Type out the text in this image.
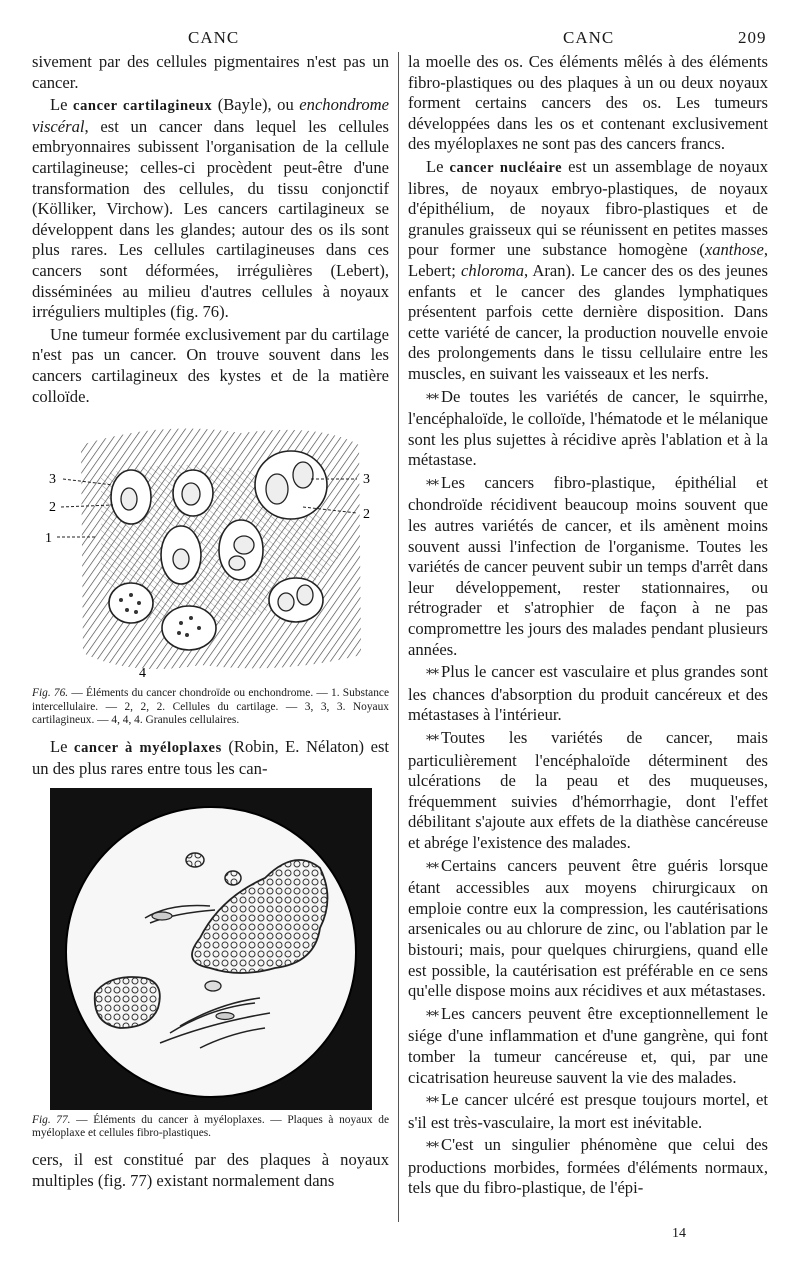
CANC	CANC	209

sivement par des cellules pigmentaires n'est pas un cancer.

Le cancer cartilagineux (Bayle), ou enchondrome viscéral, est un cancer dans lequel les cellules embryonnaires subissent l'organisation de la cellule cartilagineuse; celles-ci procèdent peut-être d'une transformation des cellules, du tissu conjonctif (Kölliker, Virchow). Les cancers cartilagineux se développent dans les glandes; autour des os ils sont plus rares. Les cellules cartilagineuses dans ces cancers sont déformées, irrégulières (Lebert), disséminées au milieu d'autres cellules à noyaux irréguliers multiples (fig. 76).

Une tumeur formée exclusivement par du cartilage n'est pas un cancer. On trouve souvent dans les cancers cartilagineux des kystes et de la matière colloïde.

3
2
1
3
2
4

Fig. 76. — Éléments du cancer chondroïde ou enchondrome. — 1. Substance intercellulaire. — 2, 2, 2. Cellules du cartilage. — 3, 3, 3. Noyaux cartilagineux. — 4, 4, 4. Granules cellulaires.

Le cancer à myéloplaxes (Robin, E. Nélaton) est un des plus rares entre tous les can-

Fig. 77. — Éléments du cancer à myéloplaxes. — Plaques à noyaux de myéloplaxe et cellules fibro-plastiques.

cers, il est constitué par des plaques à noyaux multiples (fig. 77) existant normalement dans

la moelle des os. Ces éléments mêlés à des éléments fibro-plastiques ou des plaques à un ou deux noyaux forment certains cancers des os. Les tumeurs développées dans les os et contenant exclusivement des myéloplaxes ne sont pas des cancers francs.

Le cancer nucléaire est un assemblage de noyaux libres, de noyaux embryo-plastiques, de noyaux d'épithélium, de noyaux fibro-plastiques et de granules graisseux qui se réunissent en petites masses pour former une substance homogène (xanthose, Lebert; chloroma, Aran). Le cancer des os des jeunes enfants et le cancer des glandes lymphatiques présentent parfois cette dernière disposition. Dans cette variété de cancer, la production nouvelle envoie des prolongements dans le tissu cellulaire entre les muscles, en suivant les vaisseaux et les nerfs.

⁎⁎ De toutes les variétés de cancer, le squirrhe, l'encéphaloïde, le colloïde, l'hématode et le mélanique sont les plus sujettes à récidive après l'ablation et à la métastase.

⁎⁎ Les cancers fibro-plastique, épithélial et chondroïde récidivent beaucoup moins souvent que les autres variétés de cancer, et ils amènent moins souvent aussi l'infection de l'organisme. Toutes les variétés de cancer peuvent subir un temps d'arrêt dans leur développement, rester stationnaires, ou rétrograder et s'atrophier de façon à ne pas compromettre les jours des malades pendant plusieurs années.

⁎⁎ Plus le cancer est vasculaire et plus grandes sont les chances d'absorption du produit cancéreux et des métastases à l'intérieur.

⁎⁎ Toutes les variétés de cancer, mais particulièrement l'encéphaloïde déterminent des ulcérations de la peau et des muqueuses, fréquemment suivies d'hémorrhagie, dont l'effet débilitant s'ajoute aux effets de la diathèse cancéreuse et abrége l'existence des malades.

⁎⁎ Certains cancers peuvent être guéris lorsque étant accessibles aux moyens chirurgicaux on emploie contre eux la compression, les cautérisations arsenicales ou au chlorure de zinc, ou l'ablation par le bistouri; mais, pour quelques chirurgiens, quand elle est possible, la cautérisation est préférable en ce sens qu'elle dispose moins aux récidives et aux métastases.

⁎⁎ Les cancers peuvent être exceptionnellement le siége d'une inflammation et d'une gangrène, qui font tomber la tumeur cancéreuse et, qui, par une cicatrisation heureuse sauvent la vie des malades.

⁎⁎ Le cancer ulcéré est presque toujours mortel, et s'il est très-vasculaire, la mort est inévitable.

⁎⁎ C'est un singulier phénomène que celui des productions morbides, formées d'éléments normaux, tels que du fibro-plastique, de l'épi-

14
